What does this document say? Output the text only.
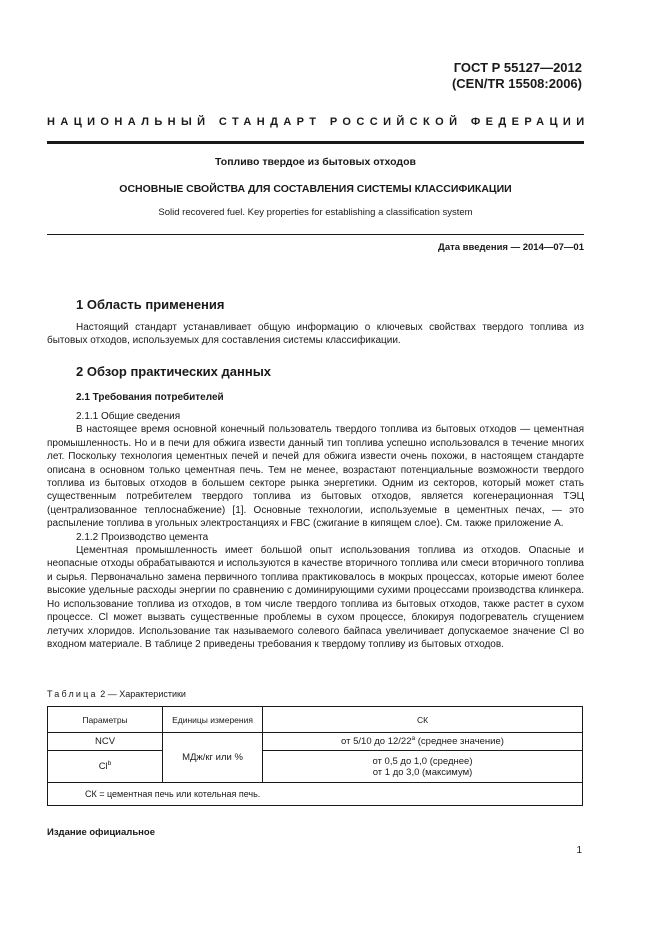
ГОСТ Р 55127—2012
(CEN/TR 15508:2006)
НАЦИОНАЛЬНЫЙ СТАНДАРТ РОССИЙСКОЙ ФЕДЕРАЦИИ
Топливо твердое из бытовых отходов
ОСНОВНЫЕ СВОЙСТВА ДЛЯ СОСТАВЛЕНИЯ СИСТЕМЫ КЛАССИФИКАЦИИ
Solid recovered fuel. Key properties for establishing a classification system
Дата введения — 2014—07—01
1 Область применения

Настоящий стандарт устанавливает общую информацию о ключевых свойствах твердого топлива из бытовых отходов, используемых для составления системы классификации.

2 Обзор практических данных
2.1 Требования потребителей
2.1.1 Общие сведения

В настоящее время основной конечный пользователь твердого топлива из бытовых отходов — цементная промышленность. Но и в печи для обжига извести данный тип топлива успешно использовался в течение многих лет. Поскольку технология цементных печей и печей для обжига извести очень похожи, в настоящем стандарте описана в основном только цементная печь. Тем не менее, возрастают потенциальные возможности твердого топлива из бытовых отходов в большем секторе рынка энергетики. Одним из секторов, который может стать существенным потребителем твердого топлива из бытовых отходов, является когенерационная ТЭЦ (централизованное теплоснабжение) [1]. Основные технологии, используемые в цементных печах, — это распыление топлива в угольных электростанциях и FBC (сжигание в кипящем слое). См. также приложение А.

2.1.2 Производство цемента

Цементная промышленность имеет большой опыт использования топлива из отходов. Опасные и неопасные отходы обрабатываются и используются в качестве вторичного топлива или смеси вторичного топлива и сырья. Первоначально замена первичного топлива практиковалось в мокрых процессах, которые имеют более высокие удельные расходы энергии по сравнению с доминирующими сухими процессами производства клинкера. Но использование топлива из отходов, в том числе твердого топлива из бытовых отходов, также растет в сухом процессе. Cl может вызвать существенные проблемы в сухом процессе, блокируя подогреватель сгущением летучих хлоридов. Использование так называемого солевого байпаса увеличивает допускаемое значение Cl во входном материале. В таблице 2 приведены требования к твердому топливу из бытовых отходов.

Таблица 2 — Характеристики
Параметры	Единицы измерения	СК
NCV	МДж/кг или %	от 5/10 до 12/22$^a$ (среднее значение)
Cl$^b$		от 0,5 до 1,0 (среднее)
от 1 до 3,0 (максимум)

СК = цементная печь или котельная печь.		
Издание официальное
1
